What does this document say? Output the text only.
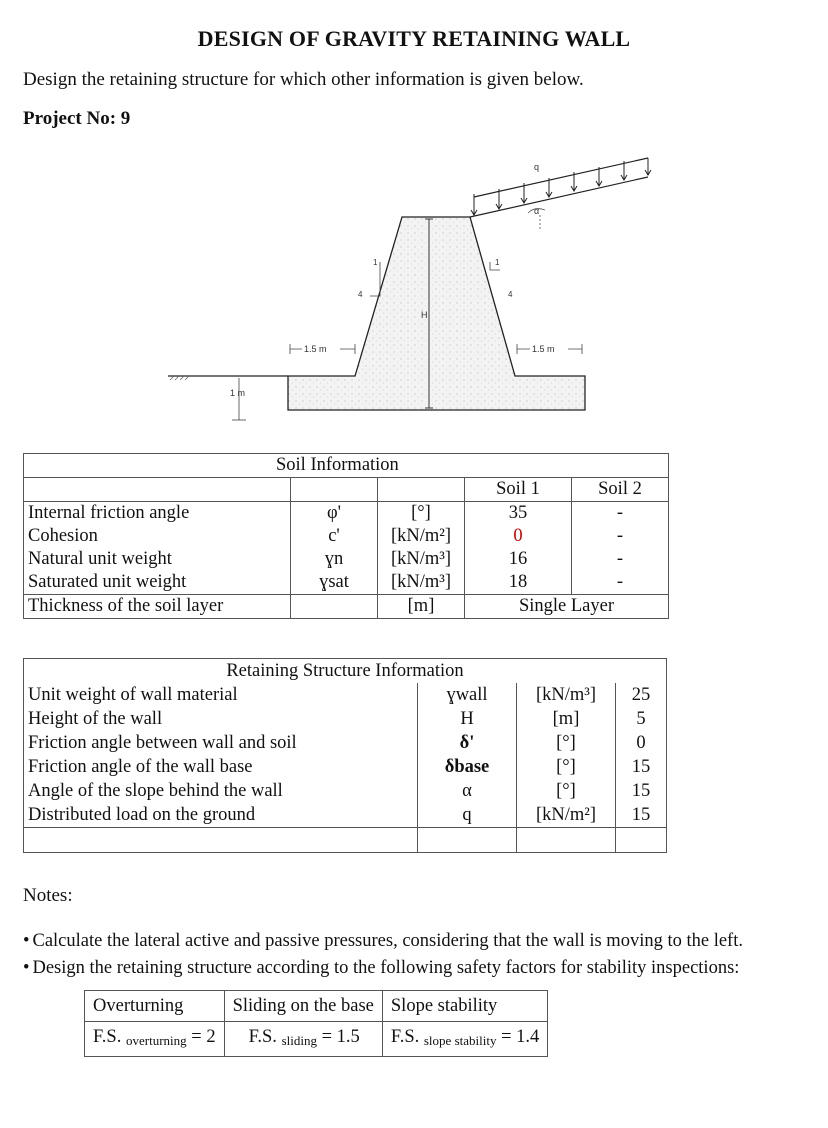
DESIGN OF GRAVITY RETAINING WALL
Design the retaining structure for which other information is given below.
Project No: 9
q
α
H
1
4
1
4
1.5 m	1.5 m
1 m
Soil Information				
			Soil 1	Soil 2
Internal friction angle	φ'	[°]	35	-
Cohesion	c'	[kN/m²]	0	-
Natural unit weight	ɣn	[kN/m³]	16	-
Saturated unit weight	ɣsat	[kN/m³]	18	-
Thickness of the soil layer		[m]	Single Layer	
Retaining Structure Information			
Unit weight of wall material	ɣwall	[kN/m³]	25
Height of the wall	H	[m]	5
Friction angle between wall and soil	δ'	[°]	0
Friction angle of the wall base	δbase	[°]	15
Angle of the slope behind the wall	α	[°]	15
Distributed load on the ground	q	[kN/m²]	15

Notes:
• Calculate the lateral active and passive pressures, considering that the wall is moving to the left.
• Design the retaining structure according to the following safety factors for stability inspections:
Overturning	Sliding on the base	Slope stability
F.S. overturning = 2	F.S. sliding = 1.5	F.S. slope stability = 1.4
